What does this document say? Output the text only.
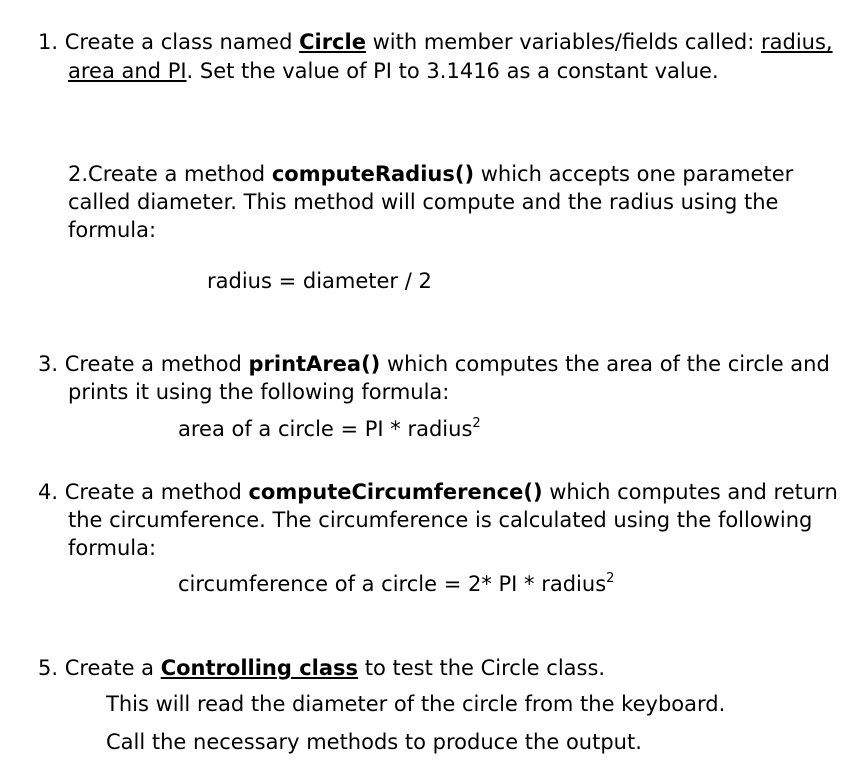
1. Create a class named Circle with member variables/fields called: radius,
area and PI. Set the value of PI to 3.1416 as a constant value.
2.Create a method computeRadius() which accepts one parameter
called diameter. This method will compute and the radius using the
formula:
radius = diameter / 2
3. Create a method printArea() which computes the area of the circle and
prints it using the following formula:
area of a circle = PI * radius$^2$
4. Create a method computeCircumference() which computes and return
the circumference. The circumference is calculated using the following
formula:
circumference of a circle = 2* PI * radius$^2$
5. Create a Controlling class to test the Circle class.
This will read the diameter of the circle from the keyboard.
Call the necessary methods to produce the output.
